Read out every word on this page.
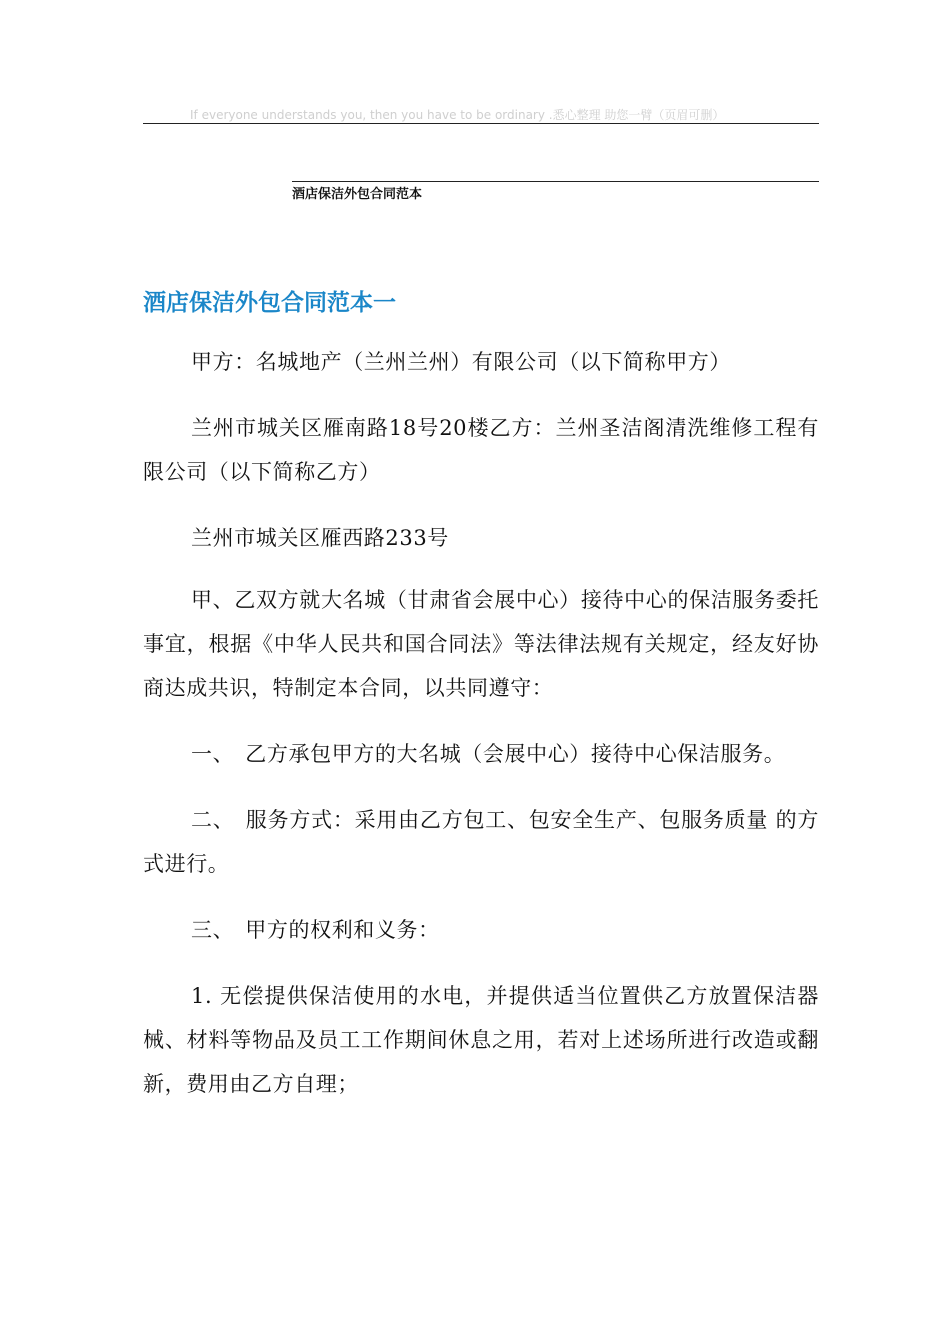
If everyone understands you, then you have to be ordinary .悉心整理 助您一臂（页眉可删）
酒店保洁外包合同范本
酒店保洁外包合同范本一

甲方：名城地产（兰州兰州）有限公司（以下简称甲方）

兰州市城关区雁南路18号20楼乙方：兰州圣洁阁清洗维修工程有限公司（以下简称乙方）

兰州市城关区雁西路233号

甲、乙双方就大名城（甘肃省会展中心）接待中心的保洁服务委托事宜，根据《中华人民共和国合同法》等法律法规有关规定，经友好协商达成共识，特制定本合同，以共同遵守：

一、　乙方承包甲方的大名城（会展中心）接待中心保洁服务。

二、　服务方式：采用由乙方包工、包安全生产、包服务质量 的方式进行。

三、　甲方的权利和义务：

1. 无偿提供保洁使用的水电，并提供适当位置供乙方放置保洁器械、材料等物品及员工工作期间休息之用，若对上述场所进行改造或翻新，费用由乙方自理；
